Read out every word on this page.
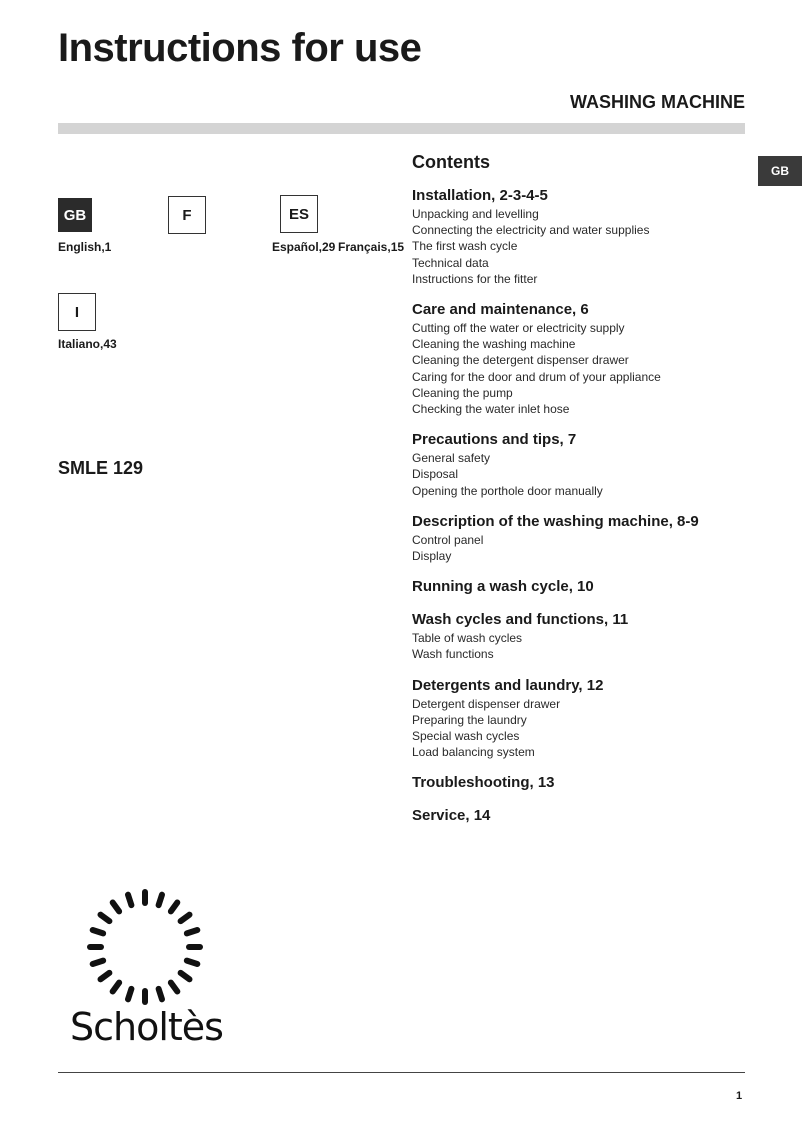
Instructions for use
WASHING MACHINE
GB
GB
English,1
F
Français,15
ES
Español,29
I
Italiano,43
SMLE 129
Contents
Installation, 2-3-4-5
Unpacking and levelling
Connecting the electricity and water supplies
The first wash cycle
Technical data
Instructions for the fitter
Care and maintenance, 6
Cutting off the water or electricity supply
Cleaning the washing machine
Cleaning the detergent dispenser drawer
Caring for the door and drum of your appliance
Cleaning the pump
Checking the water inlet hose
Precautions and tips, 7
General safety
Disposal
Opening the porthole door manually
Description of the washing machine, 8-9
Control panel
Display
Running a wash cycle, 10
Wash cycles and functions, 11
Table of wash cycles
Wash functions
Detergents and laundry, 12
Detergent dispenser drawer
Preparing the laundry
Special wash cycles
Load balancing system
Troubleshooting, 13
Service, 14
Scholtès
1
